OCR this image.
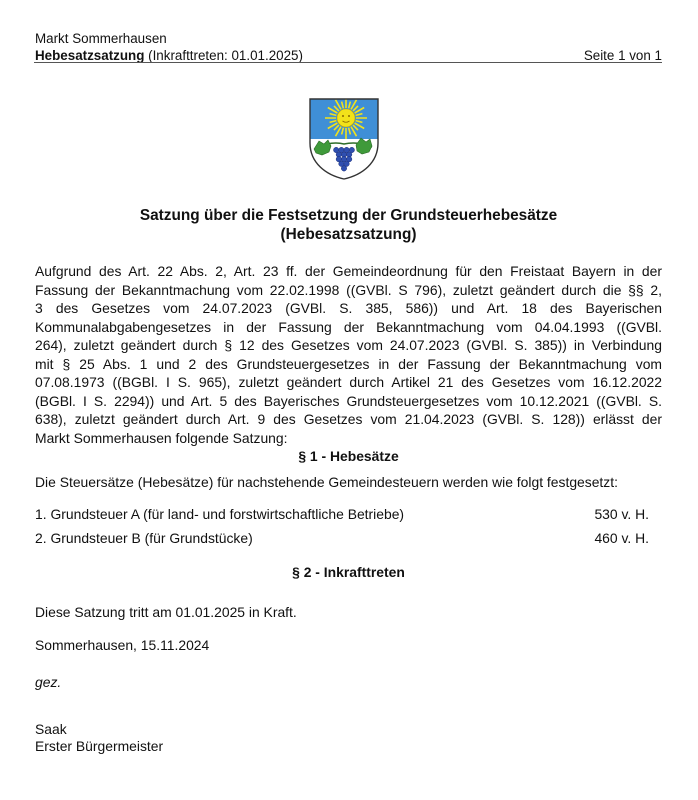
Markt Sommerhausen
Hebesatzsatzung (Inkrafttreten: 01.01.2025)	Seite 1 von 1
Satzung über die Festsetzung der Grundsteuerhebesätze
(Hebesatzsatzung)
Aufgrund des Art. 22 Abs. 2, Art. 23 ff. der Gemeindeordnung für den Freistaat Bayern in der
Fassung der Bekanntmachung vom 22.02.1998 ((GVBl. S 796), zuletzt geändert durch die §§ 2,
3 des Gesetzes vom 24.07.2023 (GVBl. S. 385, 586)) und Art. 18 des Bayerischen
Kommunalabgabengesetzes in der Fassung der Bekanntmachung vom 04.04.1993 ((GVBl.
264), zuletzt geändert durch § 12 des Gesetzes vom 24.07.2023 (GVBl. S. 385)) in Verbindung
mit § 25 Abs. 1 und 2 des Grundsteuergesetzes in der Fassung der Bekanntmachung vom
07.08.1973 ((BGBl. I S. 965), zuletzt geändert durch Artikel 21 des Gesetzes vom 16.12.2022
(BGBl. I S. 2294)) und Art. 5 des Bayerisches Grundsteuergesetzes vom 10.12.2021 ((GVBl. S.
638), zuletzt geändert durch Art. 9 des Gesetzes vom 21.04.2023 (GVBl. S. 128)) erlässt der
Markt Sommerhausen folgende Satzung:
§ 1 - Hebesätze
Die Steuersätze (Hebesätze) für nachstehende Gemeindesteuern werden wie folgt festgesetzt:
1. Grundsteuer A (für land- und forstwirtschaftliche Betriebe)	530 v. H.
2. Grundsteuer B (für Grundstücke)	460 v. H.
§ 2 - Inkrafttreten
Diese Satzung tritt am 01.01.2025 in Kraft.
Sommerhausen, 15.11.2024
gez.
Saak
Erster Bürgermeister
